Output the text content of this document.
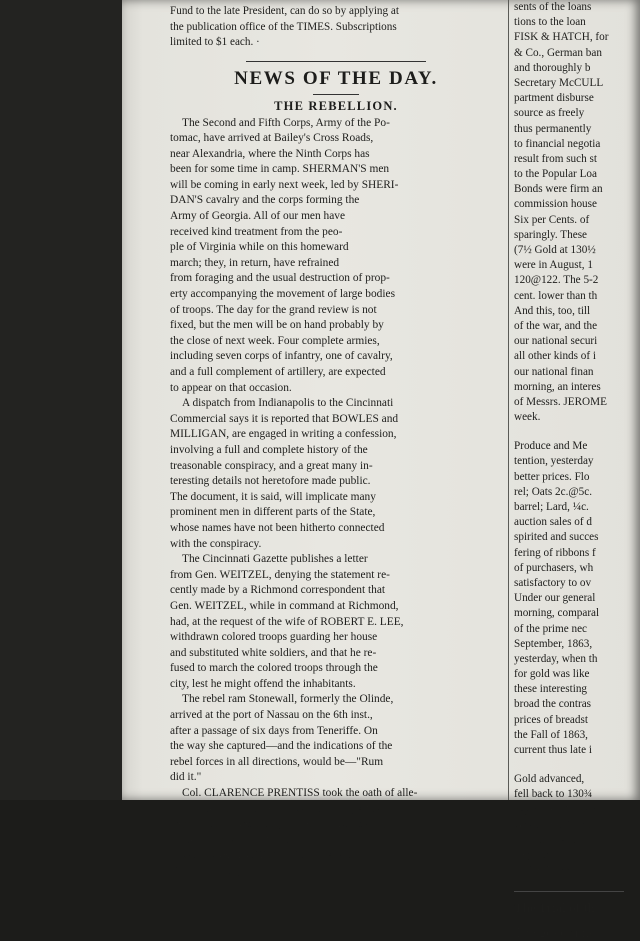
Fund to the late President, can do so by applying at
the publication office of the TIMES. Subscriptions
limited to $1 each. ·
NEWS OF THE DAY.
THE REBELLION.

The Second and Fifth Corps, Army of the Po-
tomac, have arrived at Bailey's Cross Roads,
near Alexandria, where the Ninth Corps has
been for some time in camp. SHERMAN'S men
will be coming in early next week, led by SHERI-
DAN'S cavalry and the corps forming the
Army of Georgia. All of our men have
received kind treatment from the peo-
ple of Virginia while on this homeward
march; they, in return, have refrained
from foraging and the usual destruction of prop-
erty accompanying the movement of large bodies
of troops. The day for the grand review is not
fixed, but the men will be on hand probably by
the close of next week. Four complete armies,
including seven corps of infantry, one of cavalry,
and a full complement of artillery, are expected
to appear on that occasion.

A dispatch from Indianapolis to the Cincinnati
Commercial says it is reported that BOWLES and
MILLIGAN, are engaged in writing a confession,
involving a full and complete history of the
treasonable conspiracy, and a great many in-
teresting details not heretofore made public.
The document, it is said, will implicate many
prominent men in different parts of the State,
whose names have not been hitherto connected
with the conspiracy.

The Cincinnati Gazette publishes a letter
from Gen. WEITZEL, denying the statement re-
cently made by a Richmond correspondent that
Gen. WEITZEL, while in command at Richmond,
had, at the request of the wife of ROBERT E. LEE,
withdrawn colored troops guarding her house
and substituted white soldiers, and that he re-
fused to march the colored troops through the
city, lest he might offend the inhabitants.

The rebel ram Stonewall, formerly the Olinde,
arrived at the port of Nassau on the 6th inst.,
after a passage of six days from Teneriffe. On
the way she captured—and the indications of the
rebel forces in all directions, would be—"Rum
did it."

Col. CLARENCE PRENTISS took the oath of alle-
giance to the United States Government, a few
days since, in Nashville, and left for Louisville,
in company with his father.

Gen. CARRINGTON, late military commandant
at Indianapolis, ...

sents of the loans
tions to the loan
FISK & HATCH, for
& Co., German ban
and thoroughly b
Secretary McCULL
partment disburse
source as freely
thus permanently
to financial negotia
result from such st
to the Popular Loa
Bonds were firm an
commission house
Six per Cents. of
sparingly. These
(7½ Gold at 130½
were in August, 1
120@122. The 5-2
cent. lower than th
And this, too, till
of the war, and the
our national securi
all other kinds of i
our national finan
morning, an interes
of Messrs. JEROME
week.
Produce and Me
tention, yesterday
better prices. Flo
rel; Oats 2c.@5c.
barrel; Lard, ¼c.
auction sales of d
spirited and succes
fering of ribbons f
of purchasers, wh
satisfactory to ov
Under our general
morning, comparal
of the prime nec
September, 1863,
yesterday, when th
for gold was like
these interesting
broad the contras
prices of breadst
the Fall of 1863,
current thus late i
Gold advanced,
fell back to 130¾
day's mail, 109½@
Government stock
not active at the S
very strong. Gold
port at 130½.
The Trial of th
The government
